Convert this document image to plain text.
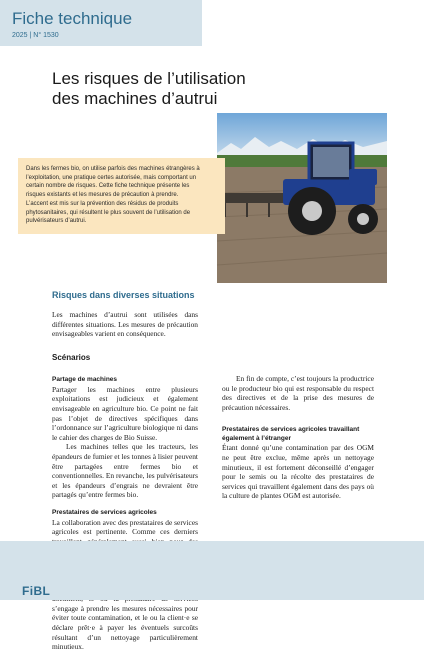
Fiche technique
2025 | N° 1530
Les risques de l’utilisation
des machines d’autrui
Dans les fermes bio, on utilise parfois des machines étrangères à l’exploitation, une pratique certes autorisée, mais comportant un certain nombre de risques. Cette fiche technique présente les risques existants et les mesures de précaution à prendre. L’accent est mis sur la prévention des résidus de produits phytosanitaires, qui résultent le plus souvent de l’utilisation de pulvérisateurs d’autrui.
Risques dans diverses situations

Les machines d’autrui sont utilisées dans différentes situations. Les mesures de précaution envisageables varient en conséquence.

Scénarios

Partage de machines

Partager les machines entre plusieurs exploitations est judicieux et également envisageable en agriculture bio. Ce point ne fait pas l’objet de directives spécifiques dans l’ordonnance sur l’agriculture biologique ni dans le cahier des charges de Bio Suisse.

Les machines telles que les tracteurs, les épandeurs de fumier et les tonnes à lisier peuvent être partagées entre fermes bio et conventionnelles. En revanche, les pulvérisateurs et les épandeurs d’engrais ne devraient être partagés qu’entre fermes bio.

Prestataires de services agricoles

La collaboration avec des prestataires de services agricoles est pertinente. Comme ces derniers s’engage à prendre les mesures nécessaires pour éviter toute contamination, et le ou la client·e se déclare prêt·e à payer les éventuels surcoûts résultant d’un nettoyage particulièrement minutieux.

En fin de compte, c’est toujours la productrice ou le producteur bio qui est responsable du respect des directives et de la prise des mesures de précaution nécessaires.

Prestataires de services agricoles travaillant également à l’étranger

Étant donné qu’une contamination par des OGM ne peut être exclue, même après un nettoyage minutieux, il est fortement déconseillé d’engager pour le semis ou la récolte des prestataires de services qui travaillent également dans des pays où la culture de plantes OGM est autorisée.

FiBL
